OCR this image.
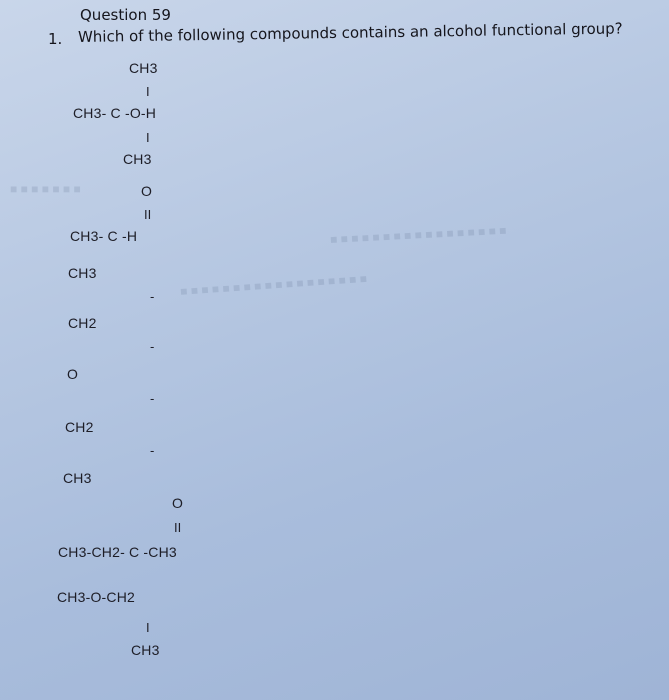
■ ■ ■ ■ ■ ■ ■ ■ ■ ■ ■ ■ ■ ■ ■ ■ ■
■ ■ ■ ■ ■ ■ ■ ■ ■ ■ ■ ■ ■ ■ ■ ■ ■ ■
■ ■ ■ ■ ■ ■ ■
Question 59
1. Which of the following compounds contains an alcohol functional group?
CH3
I
CH3- C -O-H
I
CH3
O
II
CH3- C -H
CH3
-
CH2
-
O
-
CH2
-
CH3
O
II
CH3-CH2- C -CH3
CH3-O-CH2
I
CH3
